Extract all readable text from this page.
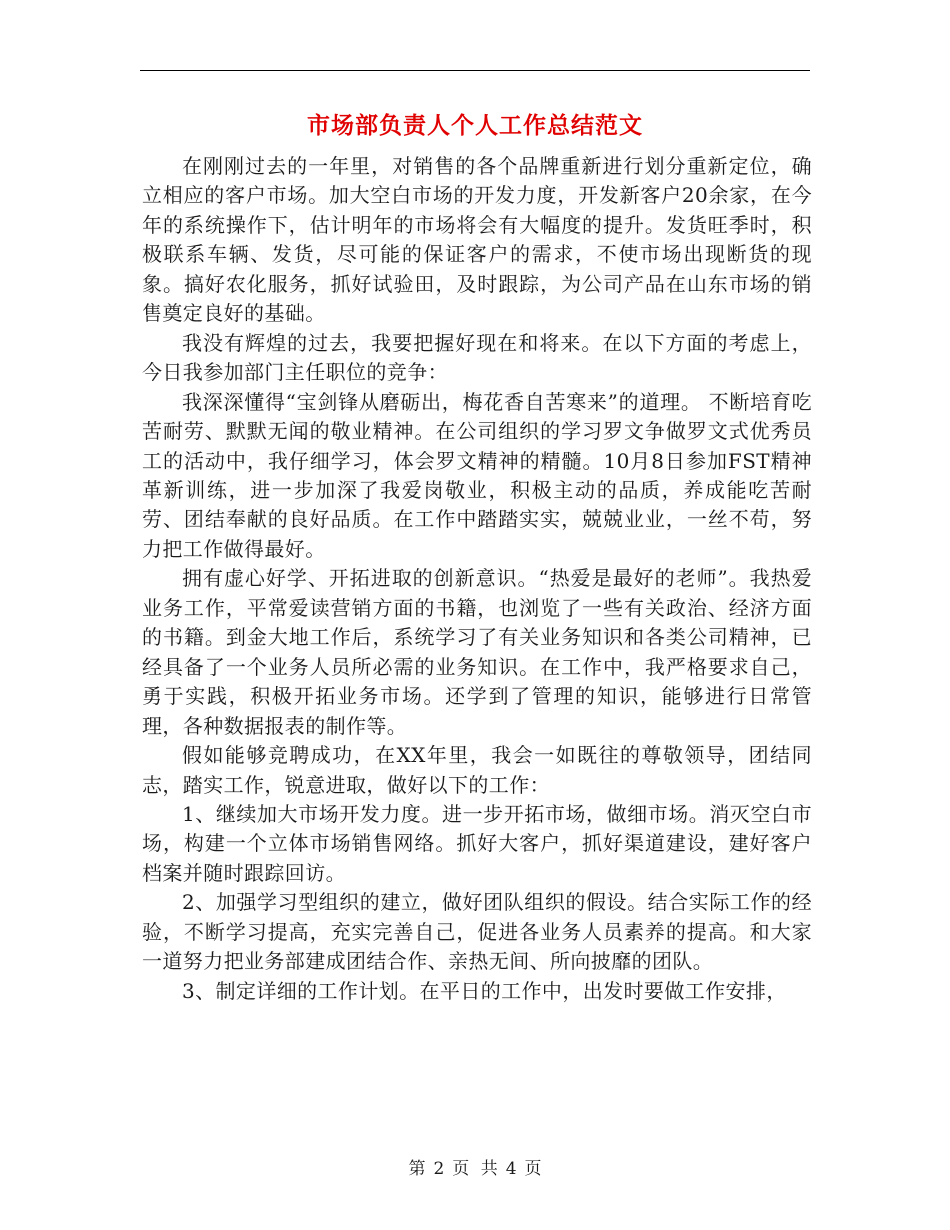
市场部负责人个人工作总结范文

在刚刚过去的一年里，对销售的各个品牌重新进行划分重新定位，确立相应的客户市场。加大空白市场的开发力度，开发新客户20余家，在今年的系统操作下，估计明年的市场将会有大幅度的提升。发货旺季时，积极联系车辆、发货，尽可能的保证客户的需求，不使市场出现断货的现象。搞好农化服务，抓好试验田，及时跟踪，为公司产品在山东市场的销售奠定良好的基础。

我没有辉煌的过去，我要把握好现在和将来。在以下方面的考虑上，今日我参加部门主任职位的竞争：

我深深懂得“宝剑锋从磨砺出，梅花香自苦寒来”的道理。 不断培育吃苦耐劳、默默无闻的敬业精神。在公司组织的学习罗文争做罗文式优秀员工的活动中，我仔细学习，体会罗文精神的精髓。10月8日参加FST精神革新训练，进一步加深了我爱岗敬业，积极主动的品质，养成能吃苦耐劳、团结奉献的良好品质。在工作中踏踏实实，兢兢业业，一丝不苟，努力把工作做得最好。

拥有虚心好学、开拓进取的创新意识。“热爱是最好的老师”。我热爱业务工作，平常爱读营销方面的书籍，也浏览了一些有关政治、经济方面的书籍。到金大地工作后，系统学习了有关业务知识和各类公司精神，已经具备了一个业务人员所必需的业务知识。在工作中，我严格要求自己，勇于实践，积极开拓业务市场。还学到了管理的知识，能够进行日常管理，各种数据报表的制作等。

假如能够竞聘成功，在XX年里，我会一如既往的尊敬领导，团结同志，踏实工作，锐意进取，做好以下的工作：

1、继续加大市场开发力度。进一步开拓市场，做细市场。消灭空白市场，构建一个立体市场销售网络。抓好大客户，抓好渠道建设，建好客户档案并随时跟踪回访。

2、加强学习型组织的建立，做好团队组织的假设。结合实际工作的经验，不断学习提高，充实完善自己，促进各业务人员素养的提高。和大家一道努力把业务部建成团结合作、亲热无间、所向披靡的团队。

3、制定详细的工作计划。在平日的工作中，出发时要做工作安排，

第 2 页 共 4 页
